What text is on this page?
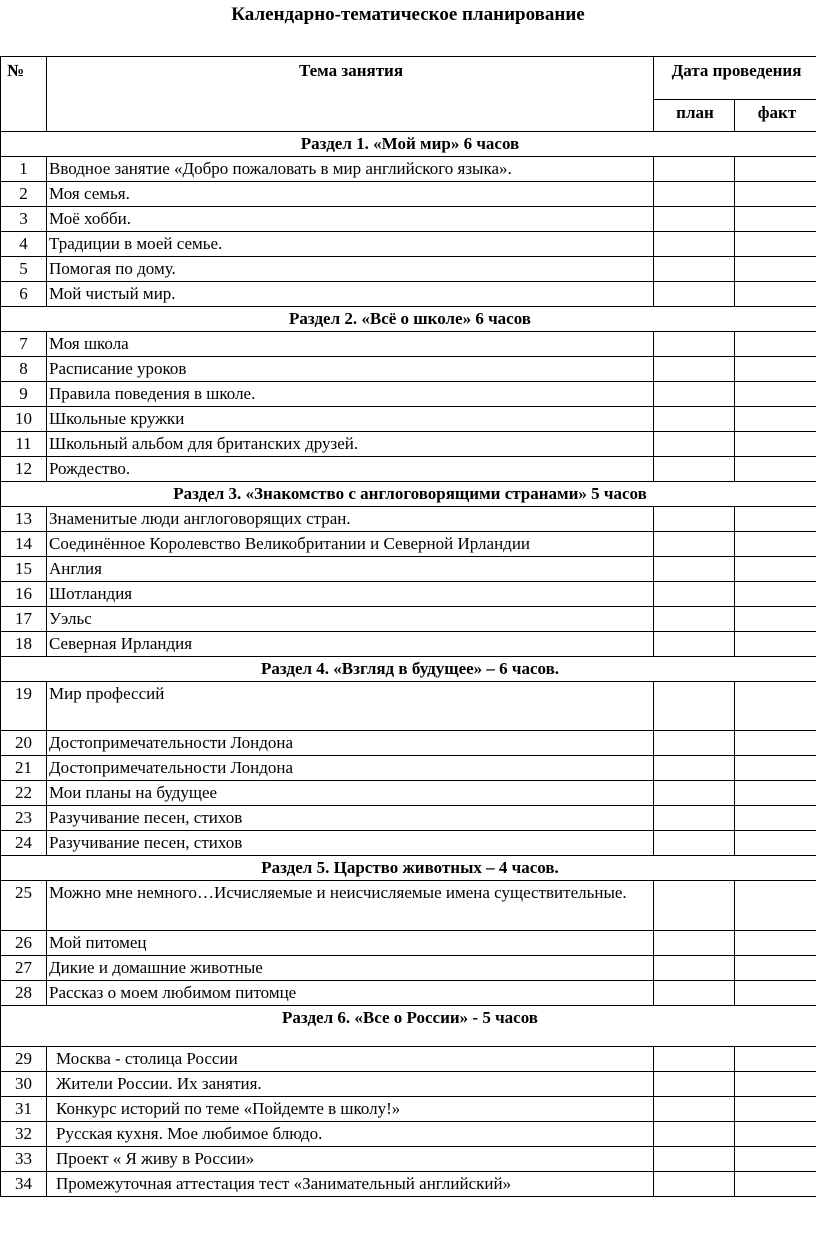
Календарно-тематическое планирование
№	Тема занятия	Дата проведения	
		план	факт
Раздел 1. «Мой мир» 6 часов			
1	Вводное занятие «Добро пожаловать в мир английского языка».		
2	Моя семья.		
3	Моё хобби.		
4	Традиции в моей семье.		
5	Помогая по дому.		
6	Мой чистый мир.		
Раздел 2. «Всё о школе» 6 часов			
7	Моя школа		
8	Расписание уроков		
9	Правила поведения в школе.		
10	Школьные кружки		
11	Школьный альбом для британских друзей.		
12	Рождество.		
Раздел 3. «Знакомство с англоговорящими странами» 5 часов			
13	Знаменитые люди англоговорящих стран.		
14	Соединённое Королевство Великобритании и Северной Ирландии		
15	Англия		
16	Шотландия		
17	Уэльс		
18	Северная Ирландия		
Раздел 4. «Взгляд в будущее» – 6 часов.			
19	Мир профессий		
20	Достопримечательности Лондона		
21	Достопримечательности Лондона		
22	Мои планы на будущее		
23	Разучивание песен, стихов		
24	Разучивание песен, стихов		
Раздел 5. Царство животных – 4 часов.			
25	Можно мне немного…Исчисляемые и неисчисляемые имена существительные.		
26	Мой питомец		
27	Дикие и домашние животные		
28	Рассказ о моем любимом питомце		
Раздел 6. «Все о России» - 5 часов			
29	Москва - столица России		
30	Жители России. Их занятия.		
31	Конкурс историй по теме «Пойдемте в школу!»		
32	Русская кухня. Мое любимое блюдо.		
33	Проект « Я живу в России»		
34	Промежуточная аттестация тест «Занимательный английский»		
